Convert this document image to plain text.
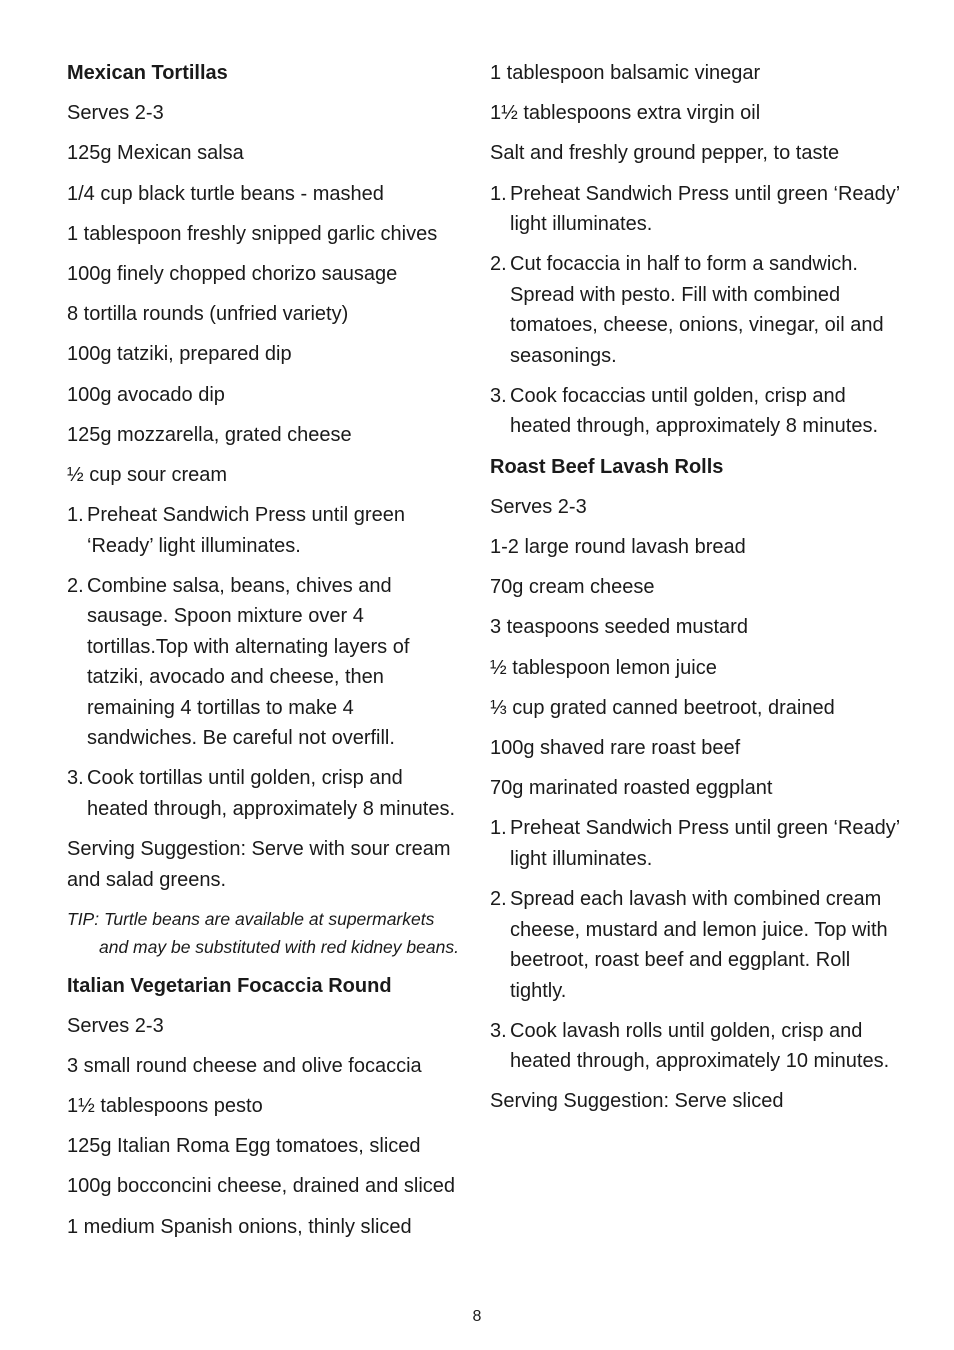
Mexican Tortillas
Serves 2-3
125g Mexican salsa
1/4 cup black turtle beans - mashed
1 tablespoon freshly snipped garlic chives
100g finely chopped chorizo sausage
8 tortilla rounds (unfried variety)
100g tatziki, prepared dip
100g avocado dip
125g mozzarella, grated cheese
½ cup sour cream
1. Preheat Sandwich Press until green ‘Ready’ light illuminates.
2. Combine salsa, beans, chives and sausage. Spoon mixture over 4 tortillas.Top with alternating layers of tatziki, avocado and cheese, then remaining 4 tortillas to make 4 sandwiches. Be careful not overfill.
3. Cook tortillas until golden, crisp and heated through, approximately 8 minutes.
Serving Suggestion: Serve with sour cream and salad greens.
TIP: Turtle beans are available at supermarkets and may be substituted with red kidney beans.
Italian Vegetarian Focaccia Round
Serves 2-3
3 small round cheese and olive focaccia
1½ tablespoons pesto
125g Italian Roma Egg tomatoes, sliced
100g bocconcini cheese, drained and sliced
1 medium Spanish onions, thinly sliced
1 tablespoon balsamic vinegar
1½ tablespoons extra virgin oil
Salt and freshly ground pepper, to taste
1. Preheat Sandwich Press until green ‘Ready’ light illuminates.
2. Cut focaccia in half to form a sandwich. Spread with pesto. Fill with combined tomatoes, cheese, onions, vinegar, oil and seasonings.
3. Cook focaccias until golden, crisp and heated through, approximately 8 minutes.
Roast Beef Lavash Rolls
Serves 2-3
1-2 large round lavash bread
70g cream cheese
3 teaspoons seeded mustard
½ tablespoon lemon juice
⅓ cup grated canned beetroot, drained
100g shaved rare roast beef
70g marinated roasted eggplant
1. Preheat Sandwich Press until green ‘Ready’ light illuminates.
2. Spread each lavash with combined cream cheese, mustard and lemon juice. Top with beetroot, roast beef and eggplant. Roll tightly.
3. Cook lavash rolls until golden, crisp and heated through, approximately 10 minutes.
Serving Suggestion: Serve sliced
8
